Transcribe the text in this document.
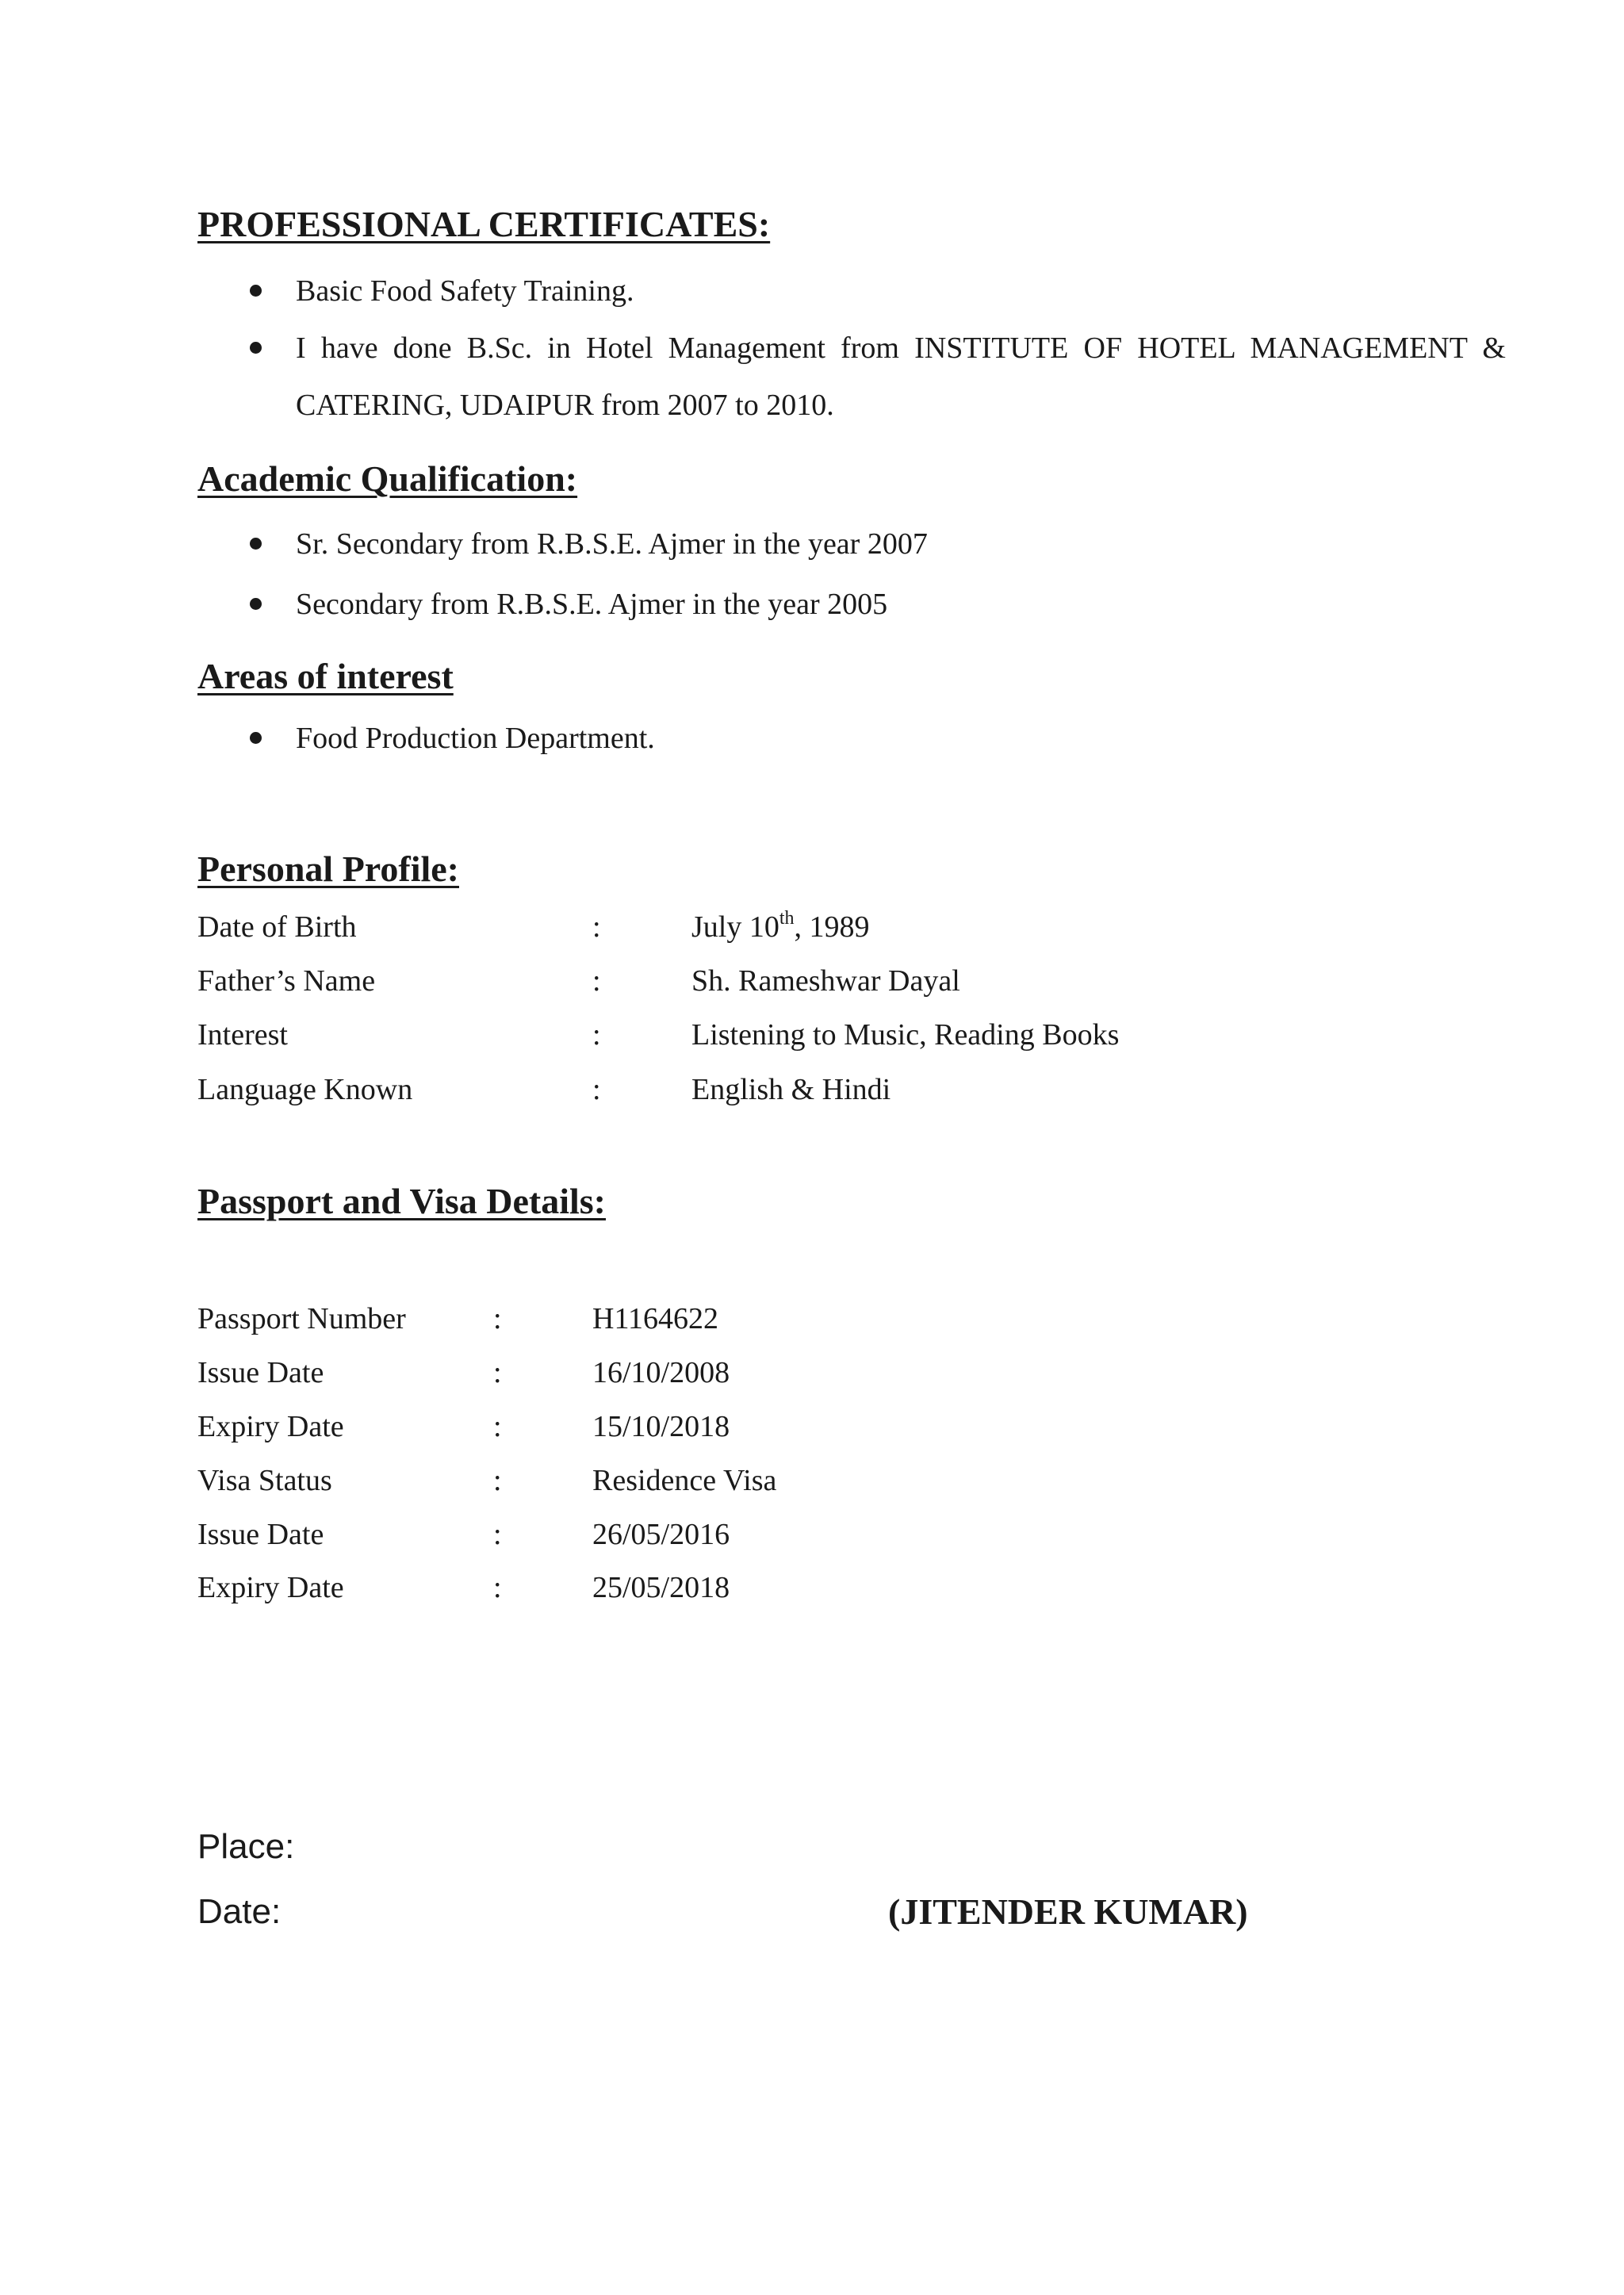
PROFESSIONAL CERTIFICATES:
Basic Food Safety Training.
I have done B.Sc. in Hotel Management from INSTITUTE OF HOTEL MANAGEMENT & CATERING, UDAIPUR from 2007 to 2010.
Academic Qualification:
Sr. Secondary from R.B.S.E. Ajmer in the year 2007
Secondary from R.B.S.E. Ajmer in the year 2005
Areas of interest
Food Production Department.
Personal Profile:
Date of Birth	:	July 10th, 1989
Father’s Name	:	Sh. Rameshwar Dayal
Interest	:	Listening to Music, Reading Books
Language Known	:	English & Hindi
Passport and Visa Details:
Passport Number	:	H1164622
Issue Date	:	16/10/2008
Expiry Date	:	15/10/2018
Visa Status	:	Residence Visa
Issue Date	:	26/05/2016
Expiry Date	:	25/05/2018
Place:
Date:	(JITENDER KUMAR)
